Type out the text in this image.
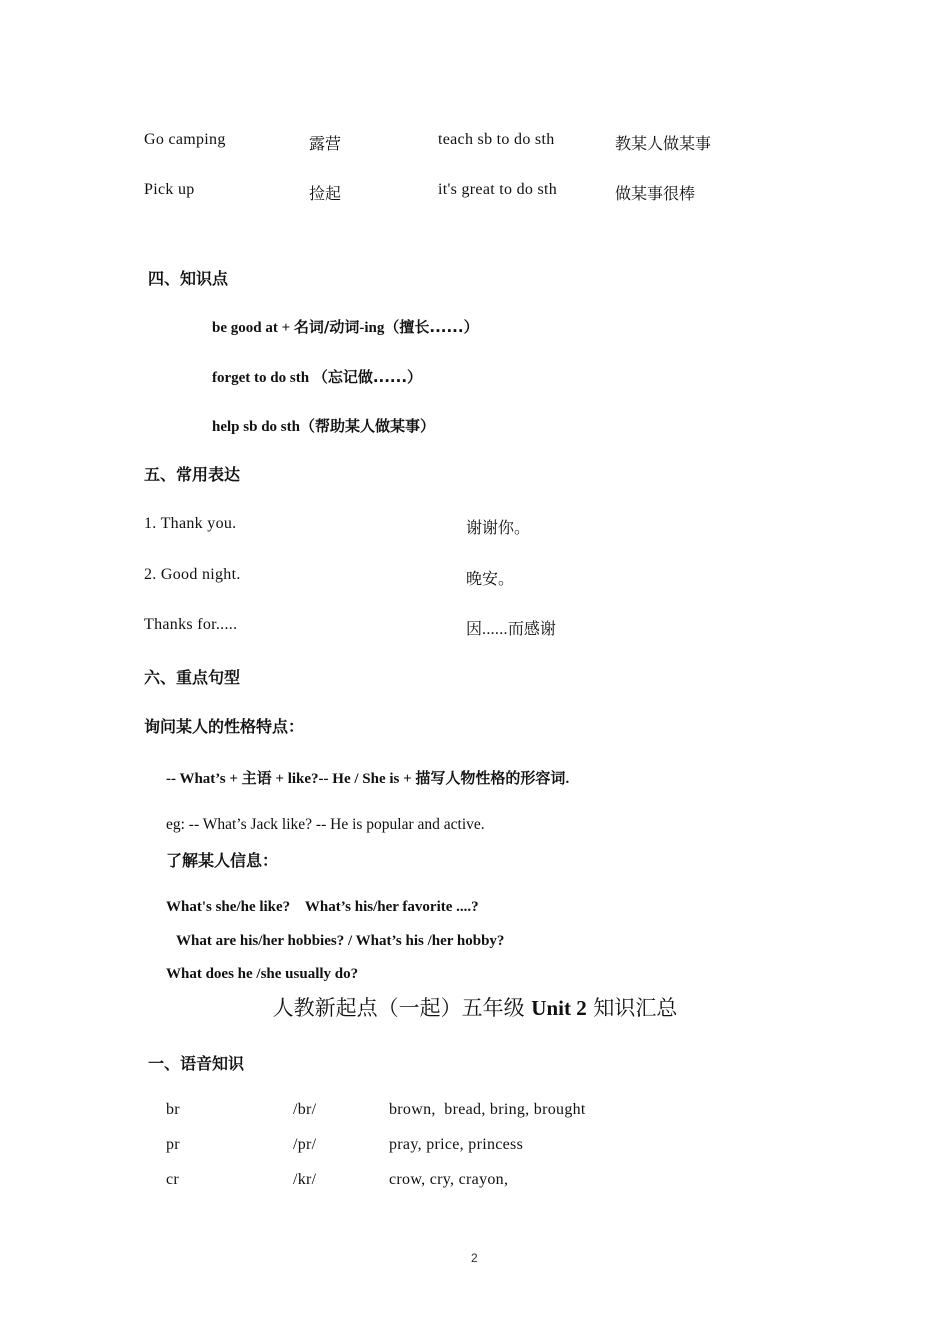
Go camping	露营	teach sb to do sth	教某人做某事
Pick up	捡起	it's great to do sth	做某事很棒
四、知识点
be good at + 名词/动词-ing（擅长......）
forget to do sth （忘记做......）
help sb do sth（帮助某人做某事）
五、常用表达
1. Thank you.	谢谢你。
2. Good night.	晚安。
Thanks for.....	因......而感谢
六、重点句型
询问某人的性格特点：
-- What’s + 主语 + like?-- He / She is + 描写人物性格的形容词.
eg: -- What’s Jack like? -- He is popular and active.
了解某人信息：
What's she/he like?    What’s his/her favorite ....?
What are his/her hobbies? / What’s his /her hobby?
What does he /she usually do?
人教新起点（一起）五年级 Unit 2 知识汇总
一、语音知识
br	/br/	brown,  bread, bring, brought
pr	/pr/	pray, price, princess
cr	/kr/	crow, cry, crayon,
2
